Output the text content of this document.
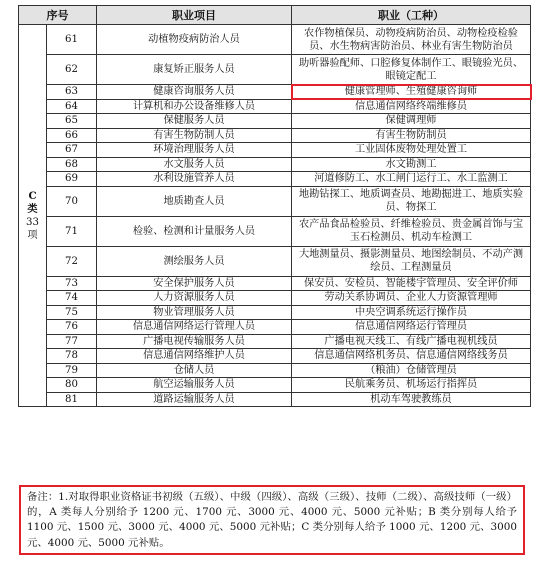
序号		职业项目	职业（工种）

C
类
33
项	61	动植物疫病防治人员	农作物植保员、动物疫病防治员、动物检疫检验员、水生物病害防治员、林业有害生物防治员
	62	康复矫正服务人员	助听器验配师、口腔修复体制作工、眼镜验光员、眼镜定配工
	63	健康咨询服务人员	健康管理师、生殖健康咨询师
	64	计算机和办公设备维修人员	信息通信网络终端维修员
	65	保健服务人员	保健调理师
	66	有害生物防制人员	有害生物防制员
	67	环境治理服务人员	工业固体废物处理处置工
	68	水文服务人员	水文勘测工
	69	水利设施管养人员	河道修防工、水工闸门运行工、水工监测工
	70	地质勘查人员	地勘钻探工、地质调查员、地勘掘进工、地质实验员、物探工
	71	检验、检测和计量服务人员	农产品食品检验员、纤维检验员、贵金属首饰与宝玉石检测员、机动车检测工
	72	测绘服务人员	大地测量员、摄影测量员、地图绘制员、不动产测绘员、工程测量员
	73	安全保护服务人员	保安员、安检员、智能楼宇管理员、安全评价师
	74	人力资源服务人员	劳动关系协调员、企业人力资源管理师
	75	物业管理服务人员	中央空调系统运行操作员
	76	信息通信网络运行管理人员	信息通信网络运行管理员
	77	广播电视传输服务人员	广播电视天线工、有线广播电视机线员
	78	信息通信网络维护人员	信息通信网络机务员、信息通信网络线务员
	79	仓储人员	（粮油）仓储管理员
	80	航空运输服务人员	民航乘务员、机场运行指挥员
	81	道路运输服务人员	机动车驾驶教练员
备注：1.对取得职业资格证书初级（五级）、中级（四级）、高级（三级）、技师（二级）、高级技师（一级）的，A 类每人分别给予 1200 元、1700 元、3000 元、4000 元、5000 元补贴；B 类分别每人给予 1100 元、1500 元、3000 元、4000 元、5000 元补贴；C 类分别每人给予 1000 元、1200 元、3000 元、4000 元、5000 元补贴。
